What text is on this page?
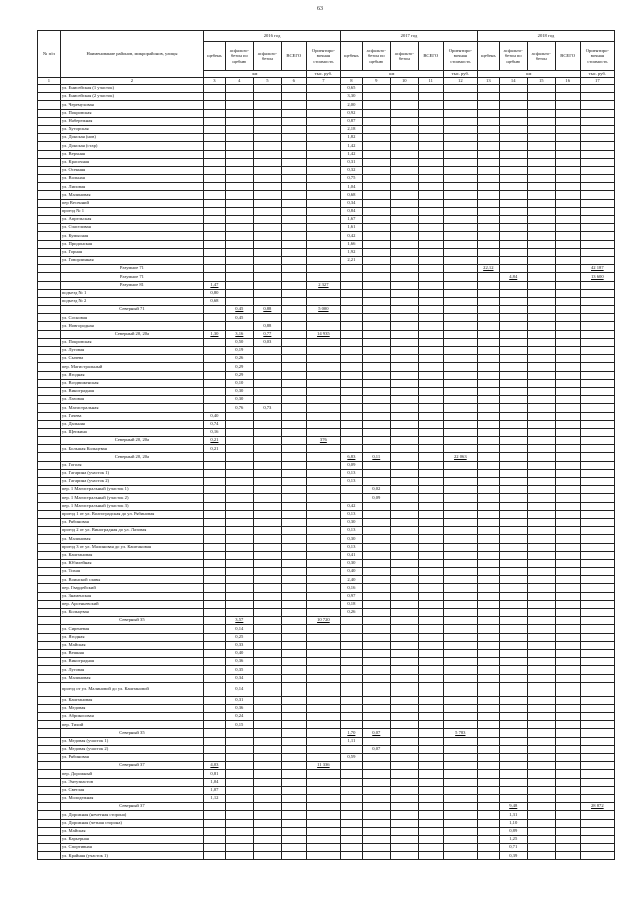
63
№ п/п	Наименование районов, микрорайонов, улицы	2016 год					2017 год					2018 год				
		щебень	асфальто-бетон по щебню	асфальто-бетон	ВСЕГО	Ориентиро-вочная стоимость	щебень	асфальто-бетон по щебню	асфальто-бетон	ВСЕГО	Ориентиро-вочная стоимость	щебень	асфальто-бетон по щебню	асфальто-бетон	ВСЕГО	Ориентиро-вочная стоимость
		км				тыс. руб.	км				тыс. руб.	км				тыс. руб.
1	2	3	4	5	6	7	8	9	10	11	12	13	14	15	16	17
	ул. Енисейская (1 участок)						0,65									
	ул. Енисейская (2 участок)						3,30									
	ул. Черемуховая						2,00									
	ул. Покровская						0,92									
	ул. Набережная						0,87									
	ул. Хуторская						2,18									
	ул. Донская (нов)						1,82									
	ул. Донская (стар)						1,42									
	ул. Верхняя						1,42									
	ул. Красочная						0,31									
	ул. Осенняя						0,32									
	ул. Вольная						0,75									
	ул. Липовая						1,04									
	ул. Малиновая						0,68									
	пер Весенний						0,34									
	проезд № 1						0,84									
	ул. Апрельская						1,67									
	ул. Счастливая						1,61									
	ул. Кумысная						0,42									
	ул. Придонская						1,66									
	ул. Горная						1,92									
	ул. Говорлинная						2,21									
	Разумное 71											22,12				42 187
	Разумное 71												4,84			13 600
	Разумное 81	1,47				2 327										
	подъезд № 1	0,80														
	подъезд № 2	0,68														
	Северный 71		0,45	0,88		5 000										
	ул. Сосновая		0,45													
	ул. Новгородная			0,88												
	Северный 20, 20а	1,30	3,16	0,77		14 935										
	ул. Покровская		0,50	0,03												
	ул. Луговая		0,19													
	ул. Сычева		0,26													
	пер. Магистральный		0,29													
	ул. Ягодная		0,29													
	ул. Воздвиженская		0,10													
	ул. Виноградная		0,30													
	ул. Лазовая		0,30													
	ул. Магистральная		0,76	0,73												
	ул. Гачева	0,40														
	ул. Дальняя	0,74														
	ул. Щепкина	0,16														
	Северный 20, 20а	0,21				376										
	ул. Большая Кольцевая	0,21														
	Северный 20, 20а						6,83	0,11			22 063					
	ул. Гоголя						0,09									
	ул. Гагарина (участок 1)						0,13									
	ул. Гагарина (участок 2)						0,13									
	пер. 1 Магистральный (участок 1)							0,02								
	пер. 1 Магистральный (участок 2)							0,09								
	пер. 1 Магистральный (участок 3)						0,42									
	проезд 1 от ул. Волгоградская до ул. Рябиновая						0,13									
	ул. Рябиновая						0,30									
	проезд 2 от ул. Виноградная до ул. Лазовая						0,13									
	ул. Малиновая						0,30									
	проезд 3 от ул. Малиновая до ул. Каштановая						0,13									
	ул. Каштановая						0,41									
	ул. Юбилейная						0,30									
	ул. Тихая						0,40									
	ул. Воинской славы						2,40									
	пер. Гвардейский						0,16									
	ул. Знаменская						0,97									
	пер. Арсеньевский						0,18									
	ул. Кольцевая						0,26									
	Северный 35		3,57			10 720										
	ул. Сиреневая		0,14													
	ул. Ягодная		0,25													
	ул. Майская		0,33													
	ул. Вешняя		0,40													
	ул. Виноградная		0,36													
	ул. Луговая		0,35													
	ул. Малиновая		0,34													
	проезд от ул. Малиновой до ул. Каштановой		0,14													
	ул. Каштановая		0,31													
	ул. Медовая		0,36													
	ул. Абрикосовая		0,24													
	пер. Тихий		0,15													
	Северный 35						1,70	0,07			5 783					
	ул. Медовая (участок 1)						1,11									
	ул. Медовая (участок 2)							0,07								
	ул. Рябиновая						0,59									
	Северный 37	4,03				11 336										
	пер. Дорожный	0,81														
	ул. Энтузиастов	1,04														
	ул. Светлая	1,07														
	ул. Молодежная	1,12														
	Северный 37												9,48			28 872
	ул. Дорожная (нечетная сторона)												1,31			
	ул. Дорожная (четная сторона)												1,10			
	ул. Майская												0,89			
	ул. Карьерная												1,25			
	ул. Спортивная												0,71			
	ул. Крайняя (участок 1)												0,39			
